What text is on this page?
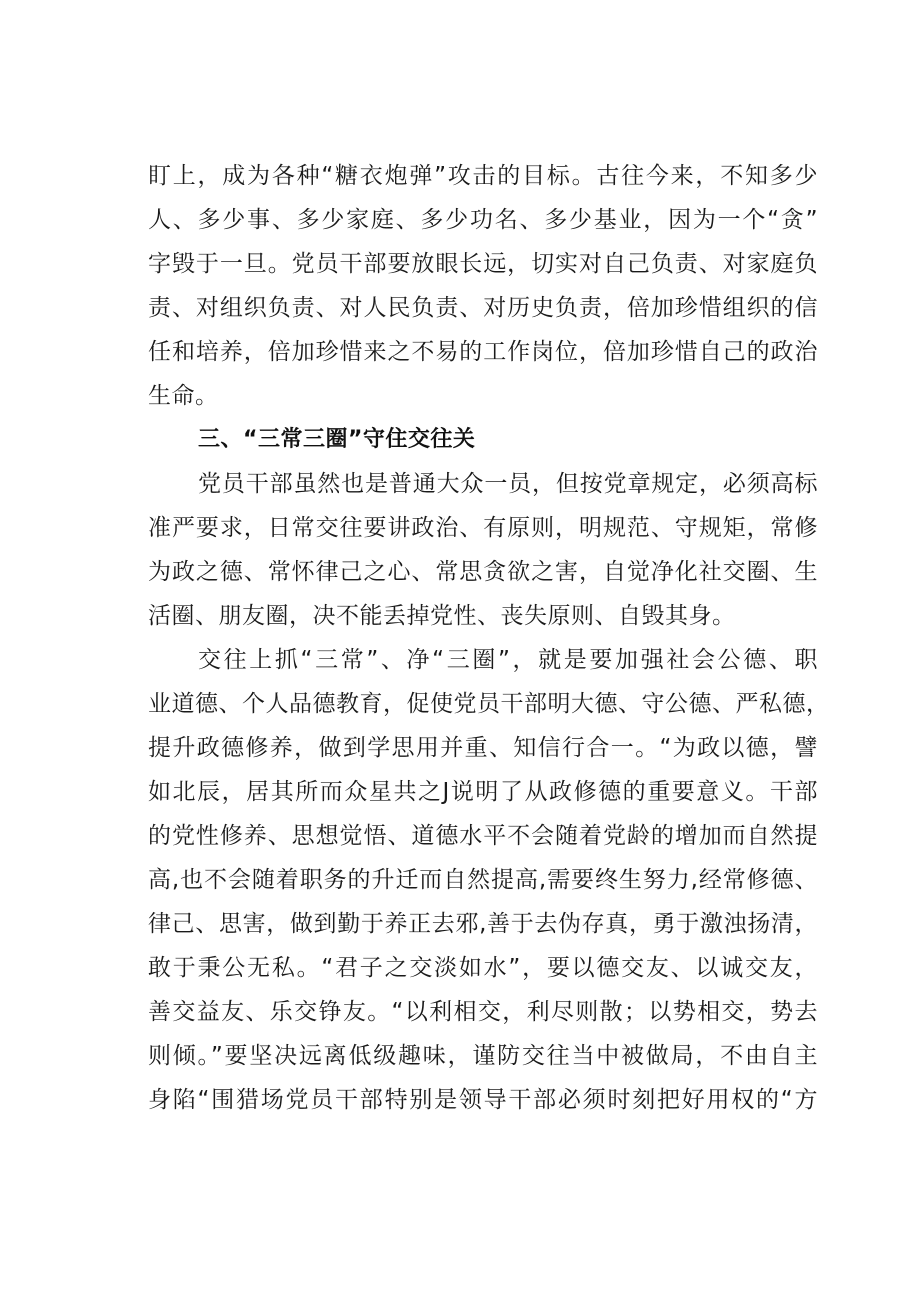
盯上，成为各种“糖衣炮弹”攻击的目标。古往今来，不知多少
人、多少事、多少家庭、多少功名、多少基业，因为一个“贪”
字毁于一旦。党员干部要放眼长远，切实对自己负责、对家庭负
责、对组织负责、对人民负责、对历史负责，倍加珍惜组织的信
任和培养，倍加珍惜来之不易的工作岗位，倍加珍惜自己的政治
生命。
三、“三常三圈”守住交往关
党员干部虽然也是普通大众一员，但按党章规定，必须高标
准严要求，日常交往要讲政治、有原则，明规范、守规矩，常修
为政之德、常怀律己之心、常思贪欲之害，自觉净化社交圈、生
活圈、朋友圈，决不能丢掉党性、丧失原则、自毁其身。
交往上抓“三常”、净“三圈”，就是要加强社会公德、职
业道德、个人品德教育，促使党员干部明大德、守公德、严私德，
提升政德修养，做到学思用并重、知信行合一。“为政以德，譬
如北辰，居其所而众星共之J说明了从政修德的重要意义。干部
的党性修养、思想觉悟、道德水平不会随着党龄的增加而自然提
高,也不会随着职务的升迁而自然提高,需要终生努力,经常修德、
律己、思害，做到勤于养正去邪,善于去伪存真，勇于激浊扬清，
敢于秉公无私。“君子之交淡如水”，要以德交友、以诚交友，
善交益友、乐交铮友。“以利相交，利尽则散；以势相交，势去
则倾。”要坚决远离低级趣味，谨防交往当中被做局，不由自主
身陷“围猎场党员干部特别是领导干部必须时刻把好用权的“方
